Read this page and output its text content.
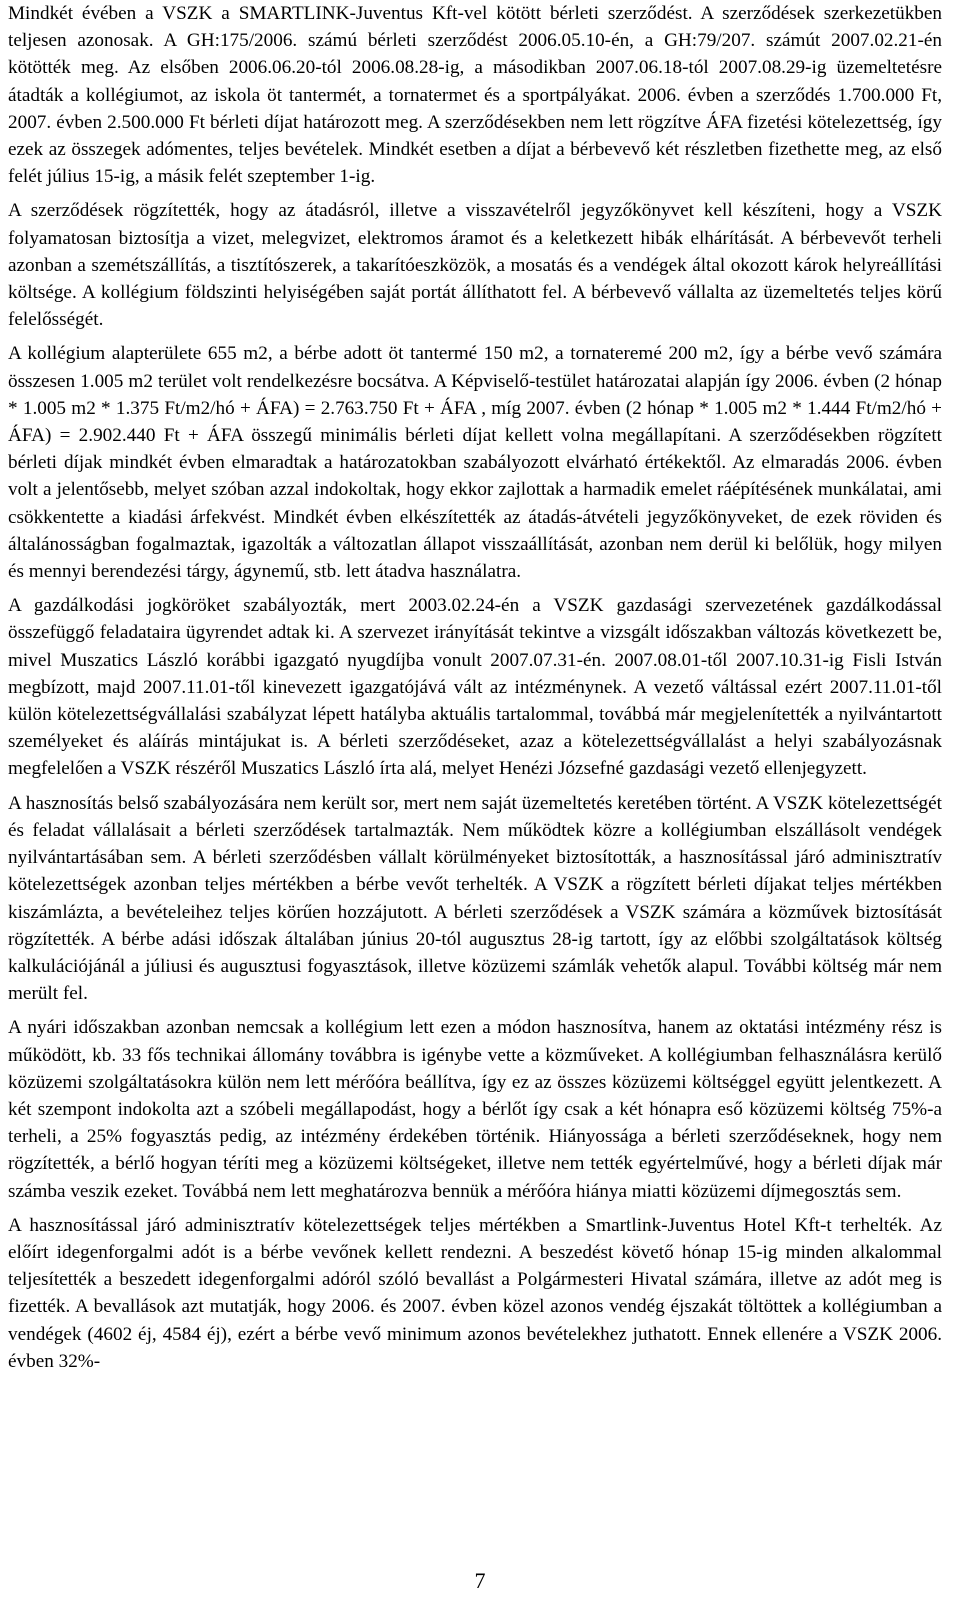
Mindkét évében a VSZK a SMARTLINK-Juventus Kft-vel kötött bérleti szerződést. A szerződések szerkezetükben teljesen azonosak. A GH:175/2006. számú bérleti szerződést 2006.05.10-én, a GH:79/207. számút 2007.02.21-én kötötték meg. Az elsőben 2006.06.20-tól 2006.08.28-ig, a másodikban 2007.06.18-tól 2007.08.29-ig üzemeltetésre átadták a kollégiumot, az iskola öt tantermét, a tornatermet és a sportpályákat. 2006. évben a szerződés 1.700.000 Ft, 2007. évben 2.500.000 Ft bérleti díjat határozott meg. A szerződésekben nem lett rögzítve ÁFA fizetési kötelezettség, így ezek az összegek adómentes, teljes bevételek. Mindkét esetben a díjat a bérbevevő két részletben fizethette meg, az első felét július 15-ig, a másik felét szeptember 1-ig.

A szerződések rögzítették, hogy az átadásról, illetve a visszavételről jegyzőkönyvet kell készíteni, hogy a VSZK folyamatosan biztosítja a vizet, melegvizet, elektromos áramot és a keletkezett hibák elhárítását. A bérbevevőt terheli azonban a szemétszállítás, a tisztítószerek, a takarítóeszközök, a mosatás és a vendégek által okozott károk helyreállítási költsége. A kollégium földszinti helyiségében saját portát állíthatott fel. A bérbevevő vállalta az üzemeltetés teljes körű felelősségét.

A kollégium alapterülete 655 m2, a bérbe adott öt tantermé 150 m2, a tornateremé 200 m2, így a bérbe vevő számára összesen 1.005 m2 terület volt rendelkezésre bocsátva. A Képviselő-testület határozatai alapján így 2006. évben (2 hónap * 1.005 m2 * 1.375 Ft/m2/hó + ÁFA) = 2.763.750 Ft + ÁFA , míg 2007. évben (2 hónap * 1.005 m2 * 1.444 Ft/m2/hó + ÁFA) = 2.902.440 Ft + ÁFA összegű minimális bérleti díjat kellett volna megállapítani. A szerződésekben rögzített bérleti díjak mindkét évben elmaradtak a határozatokban szabályozott elvárható értékektől. Az elmaradás 2006. évben volt a jelentősebb, melyet szóban azzal indokoltak, hogy ekkor zajlottak a harmadik emelet ráépítésének munkálatai, ami csökkentette a kiadási árfekvést. Mindkét évben elkészítették az átadás-átvételi jegyzőkönyveket, de ezek röviden és általánosságban fogalmaztak, igazolták a változatlan állapot visszaállítását, azonban nem derül ki belőlük, hogy milyen és mennyi berendezési tárgy, ágynemű, stb. lett átadva használatra.

A gazdálkodási jogköröket szabályozták, mert 2003.02.24-én a VSZK gazdasági szervezetének gazdálkodással összefüggő feladataira ügyrendet adtak ki. A szervezet irányítását tekintve a vizsgált időszakban változás következett be, mivel Muszatics László korábbi igazgató nyugdíjba vonult 2007.07.31-én. 2007.08.01-től 2007.10.31-ig Fisli István megbízott, majd 2007.11.01-től kinevezett igazgatójává vált az intézménynek. A vezető váltással ezért 2007.11.01-től külön kötelezettségvállalási szabályzat lépett hatályba aktuális tartalommal, továbbá már megjelenítették a nyilvántartott személyeket és aláírás mintájukat is. A bérleti szerződéseket, azaz a kötelezettségvállalást a helyi szabályozásnak megfelelően a VSZK részéről Muszatics László írta alá, melyet Henézi Józsefné gazdasági vezető ellenjegyzett.

A hasznosítás belső szabályozására nem került sor, mert nem saját üzemeltetés keretében történt. A VSZK kötelezettségét és feladat vállalásait a bérleti szerződések tartalmazták. Nem működtek közre a kollégiumban elszállásolt vendégek nyilvántartásában sem. A bérleti szerződésben vállalt körülményeket biztosították, a hasznosítással járó adminisztratív kötelezettségek azonban teljes mértékben a bérbe vevőt terhelték. A VSZK a rögzített bérleti díjakat teljes mértékben kiszámlázta, a bevételeihez teljes körűen hozzájutott. A bérleti szerződések a VSZK számára a közművek biztosítását rögzítették. A bérbe adási időszak általában június 20-tól augusztus 28-ig tartott, így az előbbi szolgáltatások költség kalkulációjánál a júliusi és augusztusi fogyasztások, illetve közüzemi számlák vehetők alapul. További költség már nem merült fel.

A nyári időszakban azonban nemcsak a kollégium lett ezen a módon hasznosítva, hanem az oktatási intézmény rész is működött, kb. 33 fős technikai állomány továbbra is igénybe vette a közműveket. A kollégiumban felhasználásra kerülő közüzemi szolgáltatásokra külön nem lett mérőóra beállítva, így ez az összes közüzemi költséggel együtt jelentkezett. A két szempont indokolta azt a szóbeli megállapodást, hogy a bérlőt így csak a két hónapra eső közüzemi költség 75%-a terheli, a 25% fogyasztás pedig, az intézmény érdekében történik. Hiányossága a bérleti szerződéseknek, hogy nem rögzítették, a bérlő hogyan téríti meg a közüzemi költségeket, illetve nem tették egyértelművé, hogy a bérleti díjak már számba veszik ezeket. Továbbá nem lett meghatározva bennük a mérőóra hiánya miatti közüzemi díjmegosztás sem.

A hasznosítással járó adminisztratív kötelezettségek teljes mértékben a Smartlink-Juventus Hotel Kft-t terhelték. Az előírt idegenforgalmi adót is a bérbe vevőnek kellett rendezni. A beszedést követő hónap 15-ig minden alkalommal teljesítették a beszedett idegenforgalmi adóról szóló bevallást a Polgármesteri Hivatal számára, illetve az adót meg is fizették. A bevallások azt mutatják, hogy 2006. és 2007. évben közel azonos vendég éjszakát töltöttek a kollégiumban a vendégek (4602 éj, 4584 éj), ezért a bérbe vevő minimum azonos bevételekhez juthatott. Ennek ellenére a VSZK 2006. évben 32%-

7
